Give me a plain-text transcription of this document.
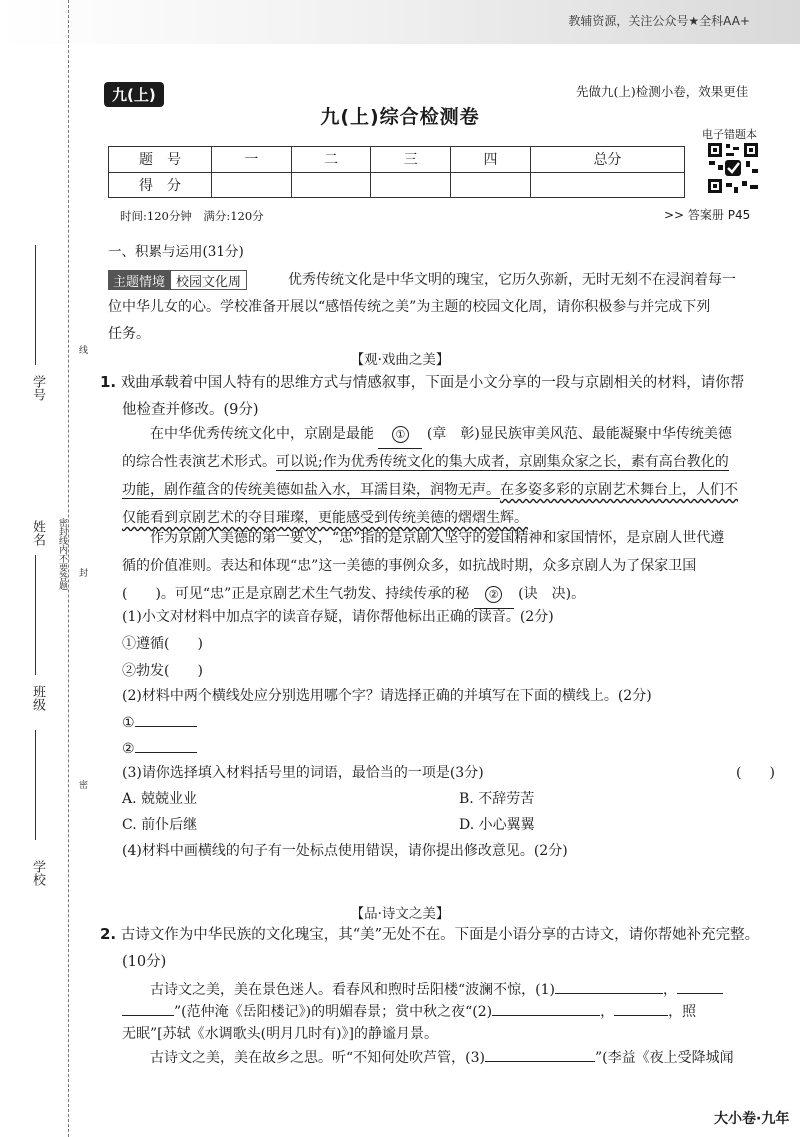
教辅资源，关注公众号★全科AA+
学号
姓名
班级
学校
线
密封线内不要答题 封
密
九(上)	先做九(上)检测小卷，效果更佳
九(上)综合检测卷
电子错题本
题　号	一	二	三	四	总分
得　分					
时间:120分钟　满分:120分	>> 答案册 P45
一、积累与运用(31分)
主题情境 校园文化周	优秀传统文化是中华文明的瑰宝，它历久弥新，无时无刻不在浸润着每一
位中华儿女的心。学校准备开展以“感悟传统之美”为主题的校园文化周，请你积极参与并完成下列
任务。
【观·戏曲之美】
1. 戏曲承载着中国人特有的思维方式与情感叙事，下面是小文分享的一段与京剧相关的材料，请你帮
他检查并修改。(9分)
在中华优秀传统文化中，京剧是最能 ① (章　彰)显民族审美风范、最能凝聚中华传统美德
的综合性表演艺术形式。可以说;作为优秀传统文化的集大成者，京剧集众家之长，素有高台教化的
功能，剧作蕴含的传统美德如盐入水，耳濡目染，润物无声。在多姿多彩的京剧艺术舞台上，人们不
仅能看到京剧艺术的夺目璀璨，更能感受到传统美德的熠熠生辉。
作为京剧人美德的第一要义，“忠”指的是京剧人坚守的爱国精神和家国情怀，是京剧人世代遵
循的价值准则。表达和体现“忠”这一美德的事例众多，如抗战时期，众多京剧人为了保家卫国
(　　)。可见“忠”正是京剧艺术生气勃发、持续传承的秘 ② (诀　决)。
(1)小文对材料中加点字的读音存疑，请你帮他标出正确的读音。(2分)
①遵循(　　)
②勃发(　　)
(2)材料中两个横线处应分别选用哪个字？请选择正确的并填写在下面的横线上。(2分)
①
②
(3)请你选择填入材料括号里的词语，最恰当的一项是(3分)	(　　)
A. 兢兢业业	B. 不辞劳苦
C. 前仆后继	D. 小心翼翼
(4)材料中画横线的句子有一处标点使用错误，请你提出修改意见。(2分)
【品·诗文之美】
2. 古诗文作为中华民族的文化瑰宝，其“美”无处不在。下面是小语分享的古诗文，请你帮她补充完整。
(10分)
古诗文之美，美在景色迷人。看春风和煦时岳阳楼“波澜不惊，(1)	，
”(范仲淹《岳阳楼记》)的明媚春景；赏中秋之夜“(2)	，	，照
无眠”[苏轼《水调歌头(明月几时有)》]的静谧月景。
古诗文之美，美在故乡之思。听“不知何处吹芦管，(3)	”(李益《夜上受降城闻
大小卷·九年
